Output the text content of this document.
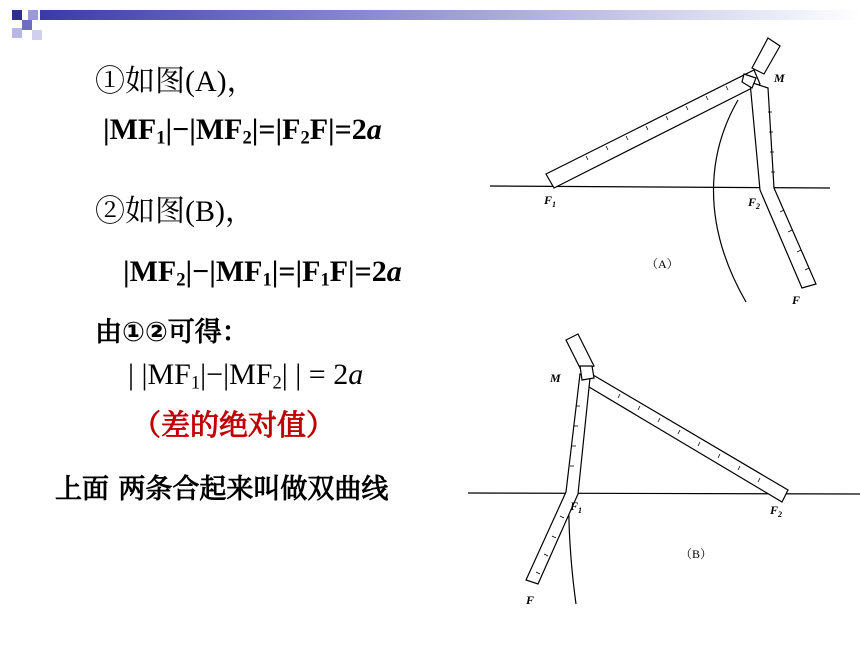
①如图(A)，
$|MF_1|-|MF_2|=|F_2F|=2a$
②如图(B)，
$|MF_2|-|MF_1|=|F_1F|=2a$
由①②可得：
| $|MF_1|-|MF_2|$ | = 2a
（差的绝对值）
上面 两条合起来叫做双曲线
M
$F_1$	$F_2$
F
（A）
M
$F_1$	$F_2$
F
（B）
